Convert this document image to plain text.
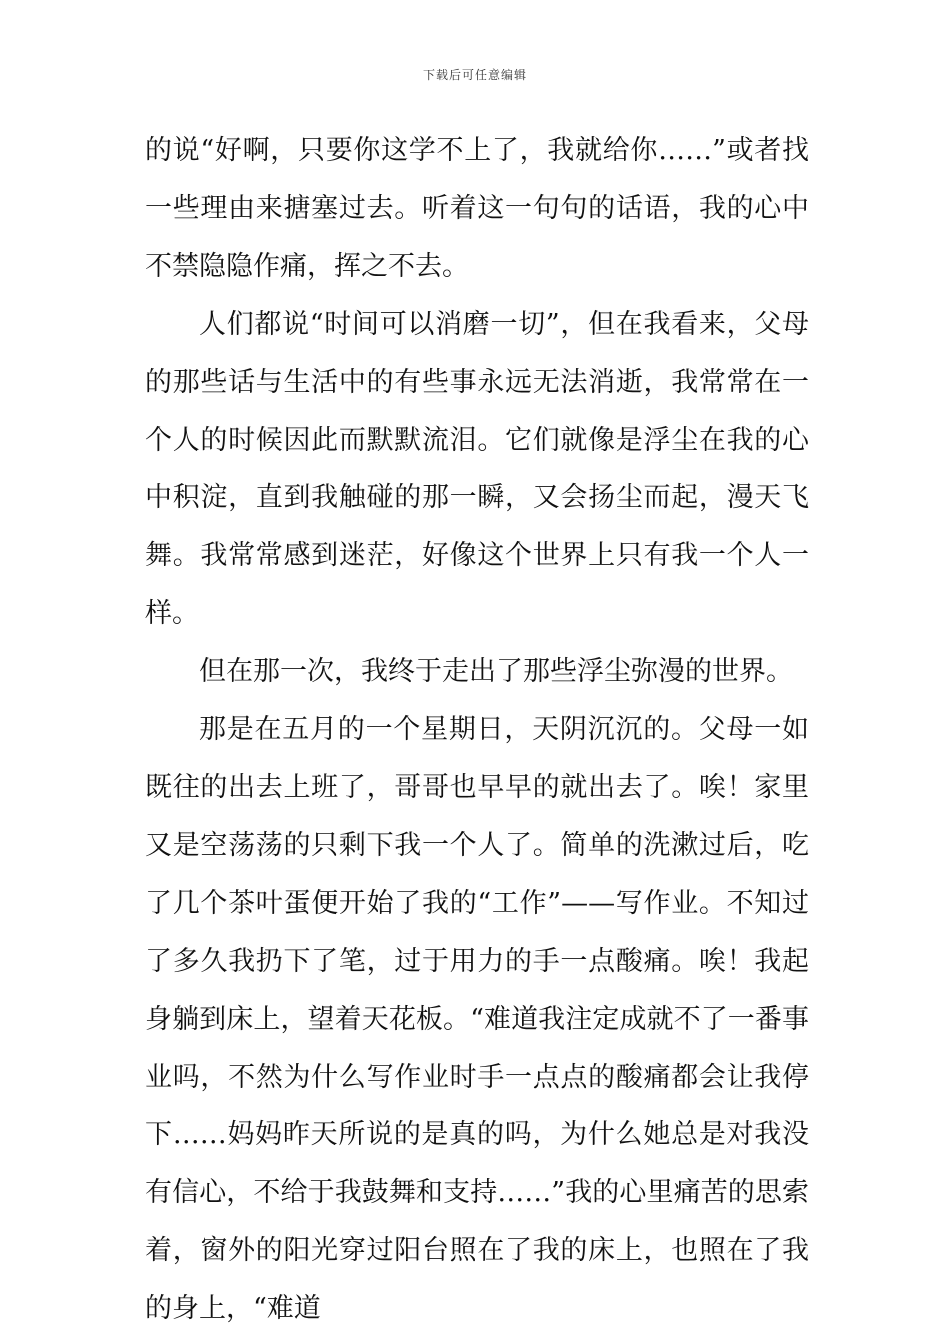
下载后可任意编辑

的说“好啊，只要你这学不上了，我就给你……”或者找一些理由来搪塞过去。听着这一句句的话语，我的心中不禁隐隐作痛，挥之不去。

人们都说“时间可以消磨一切”，但在我看来，父母的那些话与生活中的有些事永远无法消逝，我常常在一个人的时候因此而默默流泪。它们就像是浮尘在我的心中积淀，直到我触碰的那一瞬，又会扬尘而起，漫天飞舞。我常常感到迷茫，好像这个世界上只有我一个人一样。

但在那一次，我终于走出了那些浮尘弥漫的世界。

那是在五月的一个星期日，天阴沉沉的。父母一如既往的出去上班了，哥哥也早早的就出去了。唉！家里又是空荡荡的只剩下我一个人了。简单的洗漱过后，吃了几个茶叶蛋便开始了我的“工作”——写作业。不知过了多久我扔下了笔，过于用力的手一点酸痛。唉！我起身躺到床上，望着天花板。“难道我注定成就不了一番事业吗，不然为什么写作业时手一点点的酸痛都会让我停下……妈妈昨天所说的是真的吗，为什么她总是对我没有信心，不给于我鼓舞和支持……”我的心里痛苦的思索着，窗外的阳光穿过阳台照在了我的床上，也照在了我的身上，“难道
